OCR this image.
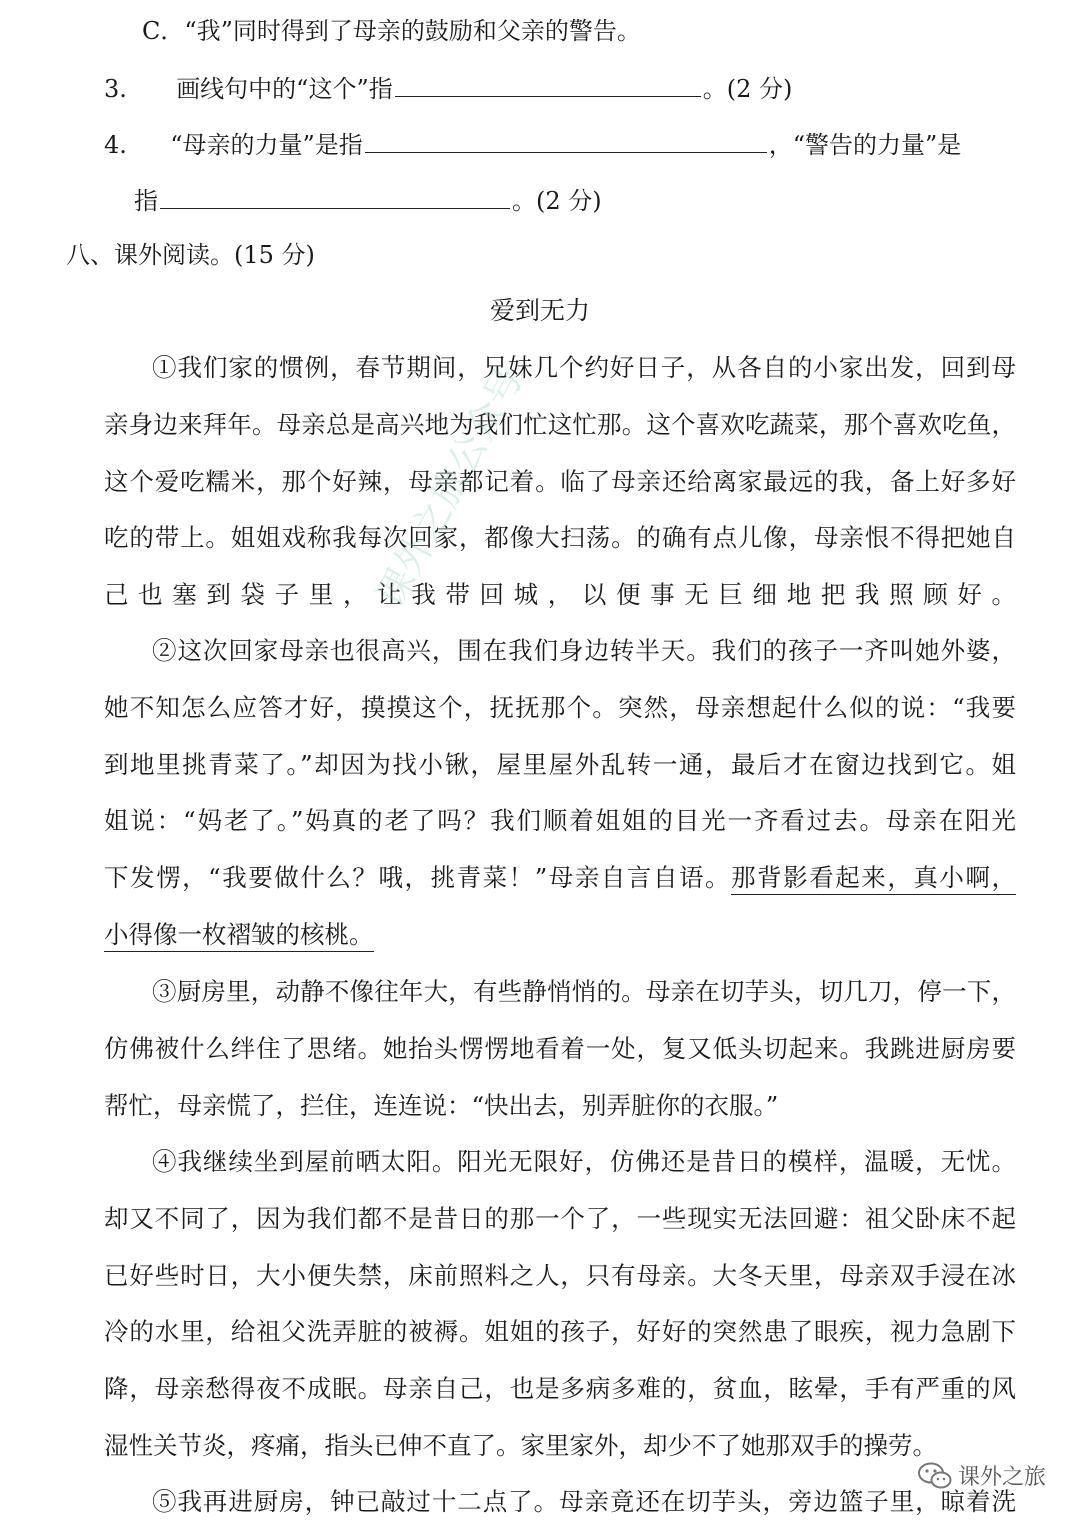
C．“我”同时得到了母亲的鼓励和父亲的警告。
3. 画线句中的“这个”指	。(2 分)
4. “母亲的力量”是指	，“警告的力量”是
指	。(2 分)
八、课外阅读。(15 分)
爱到无力
①我们家的惯例，春节期间，兄妹几个约好日子，从各自的小家出发，回到母
亲身边来拜年。母亲总是高兴地为我们忙这忙那。这个喜欢吃蔬菜，那个喜欢吃鱼，
这个爱吃糯米，那个好辣，母亲都记着。临了母亲还给离家最远的我，备上好多好
吃的带上。姐姐戏称我每次回家，都像大扫荡。的确有点儿像，母亲恨不得把她自
己也塞到袋子里，让我带回城，以便事无巨细地把我照顾好。
②这次回家母亲也很高兴，围在我们身边转半天。我们的孩子一齐叫她外婆，
她不知怎么应答才好，摸摸这个，抚抚那个。突然，母亲想起什么似的说：“我要
到地里挑青菜了。”却因为找小锹，屋里屋外乱转一通，最后才在窗边找到它。姐
姐说：“妈老了。”妈真的老了吗？我们顺着姐姐的目光一齐看过去。母亲在阳光
下发愣，“我要做什么？哦，挑青菜！”母亲自言自语。那背影看起来，真小啊，
小得像一枚褶皱的核桃。
③厨房里，动静不像往年大，有些静悄悄的。母亲在切芋头，切几刀，停一下，
仿佛被什么绊住了思绪。她抬头愣愣地看着一处，复又低头切起来。我跳进厨房要
帮忙，母亲慌了，拦住，连连说：“快出去，别弄脏你的衣服。”
④我继续坐到屋前晒太阳。阳光无限好，仿佛还是昔日的模样，温暖，无忧。
却又不同了，因为我们都不是昔日的那一个了，一些现实无法回避：祖父卧床不起
已好些时日，大小便失禁，床前照料之人，只有母亲。大冬天里，母亲双手浸在冰
冷的水里，给祖父洗弄脏的被褥。姐姐的孩子，好好的突然患了眼疾，视力急剧下
降，母亲愁得夜不成眠。母亲自己，也是多病多难的，贫血，眩晕，手有严重的风
湿性关节炎，疼痛，指头已伸不直了。家里家外，却少不了她那双手的操劳。
⑤我再进厨房，钟已敲过十二点了。母亲竟还在切芋头，旁边篮子里，晾着洗
课外之旅公众号
课外之旅
